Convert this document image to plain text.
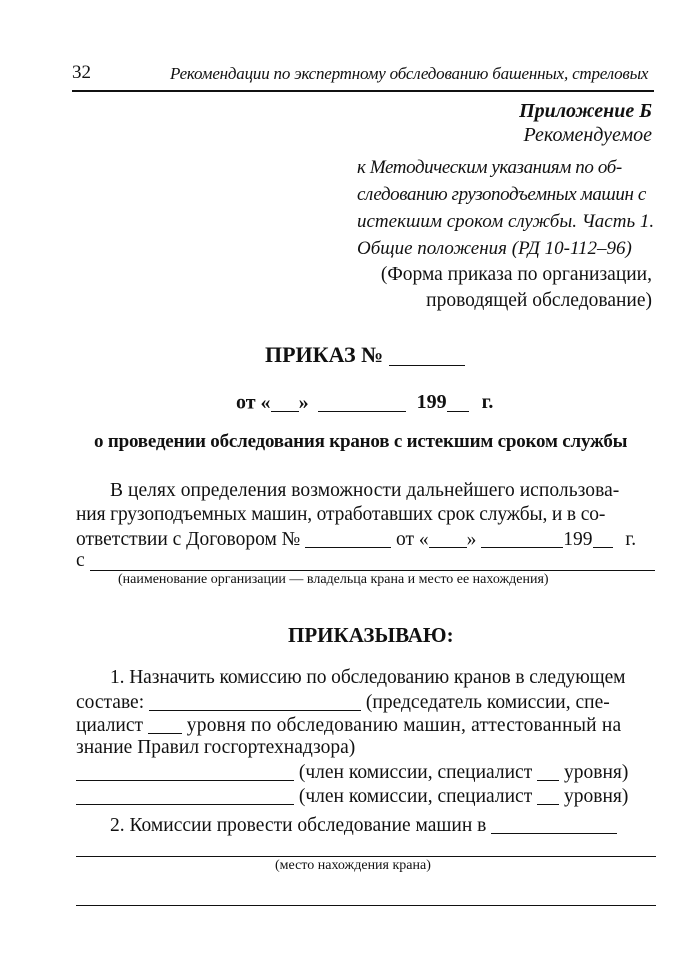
32	Рекомендации по экспертному обследованию башенных, стреловых
Приложение Б
Рекомендуемое
к Методическим указаниям по об-
следованию грузоподъемных машин с
истекшим сроком службы. Часть 1.
Общие положения (РД 10-112–96)
(Форма приказа по организации,
проводящей обследование)
ПРИКАЗ №
от « »	199 г.
о проведении обследования кранов с истекшим сроком службы
В целях определения возможности дальнейшего использова-
ния грузоподъемных машин, отработавших срок службы, и в со-
ответствии с Договором №	от « »	199 г.
с
(наименование организации — владельца крана и место ее нахождения)
ПРИКАЗЫВАЮ:
1. Назначить комиссию по обследованию кранов в следующем
составе:	(председатель комиссии, спе-
циалист уровня по обследованию машин, аттестованный на
знание Правил госгортехнадзора)
(член комиссии, специалист уровня)
(член комиссии, специалист уровня)
2. Комиссии провести обследование машин в
(место нахождения крана)
